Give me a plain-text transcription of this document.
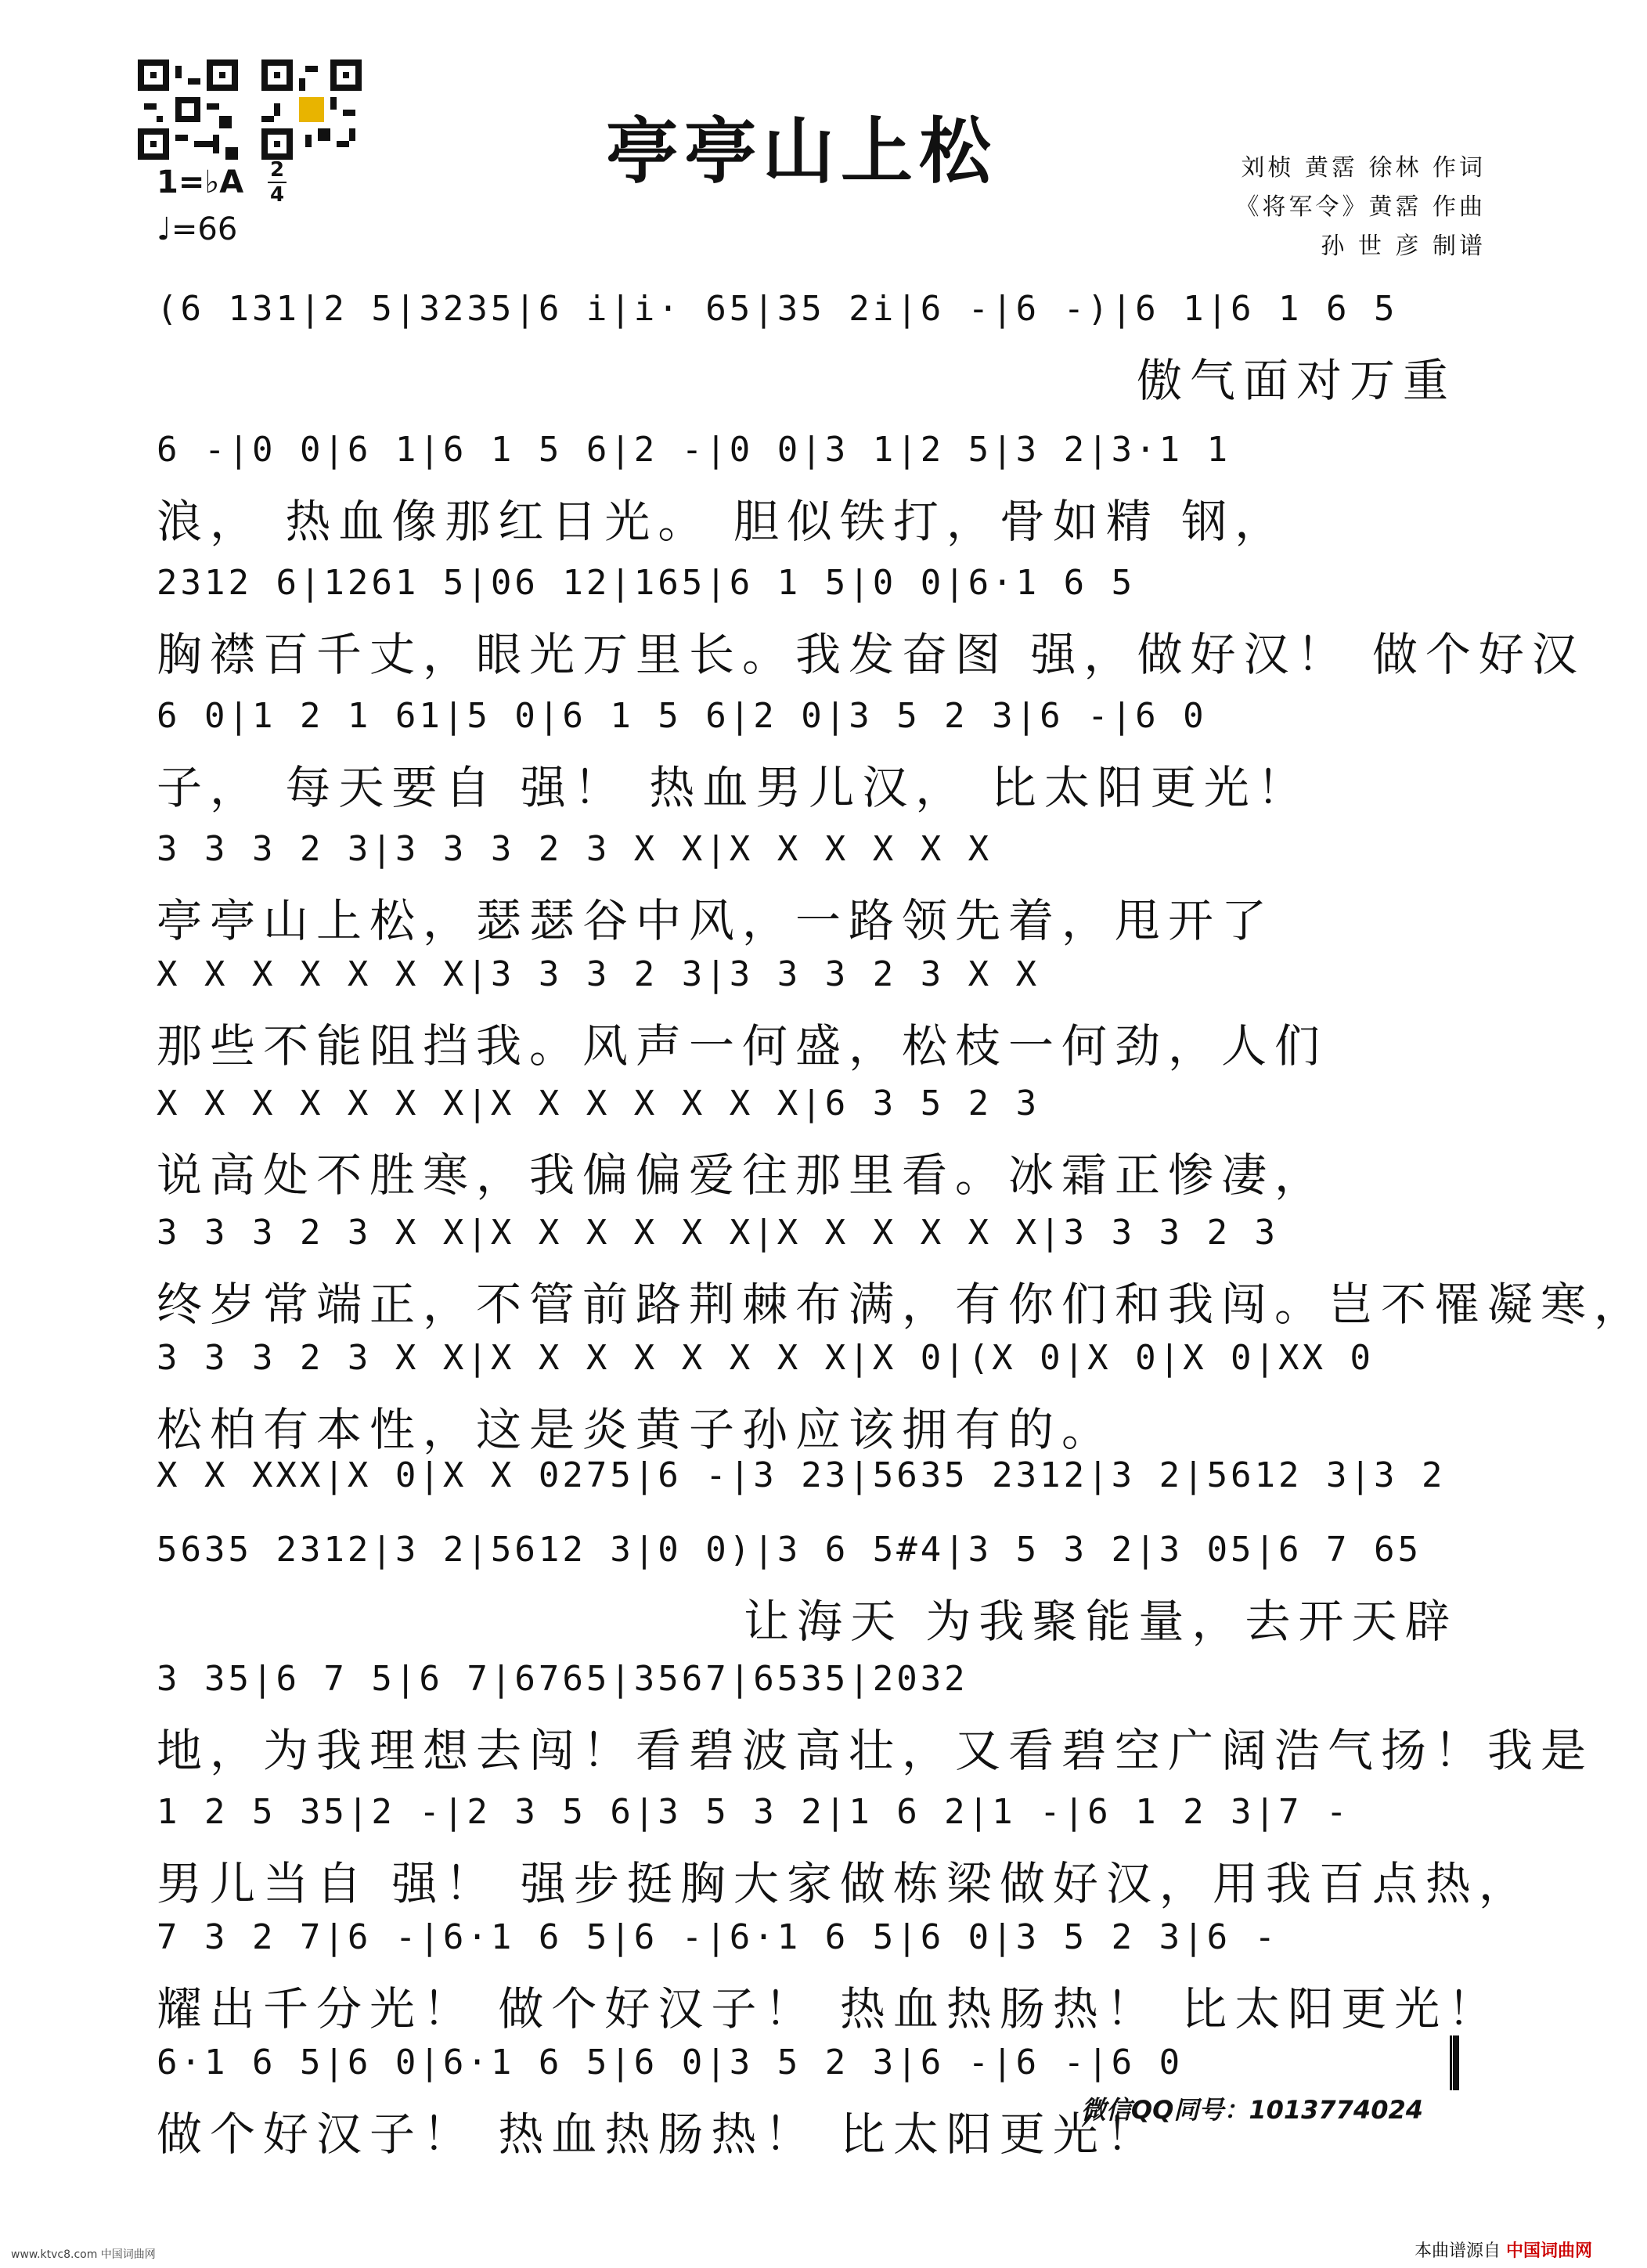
亭亭山上松	刘桢 黄霑 徐林 作词
《将军令》黄霑 作曲
孙 世 彦 制谱
1=♭A 2
4
♩=66
(6 131|2 5|3235|6 i|i· 65|35 2i|6 -|6 -)|6 1|6 1 6 5
傲气面对万重
6 -|0 0|6 1|6 1 5 6|2 -|0 0|3 1|2 5|3 2|3·1 1
浪， 热血像那红日光。 胆似铁打，骨如精 钢，
2312 6|1261 5|06 12|165|6 1 5|0 0|6·1 6 5
胸襟百千丈，眼光万里长。我发奋图 强，做好汉！ 做个好汉
6 0|1 2 1 61|5 0|6 1 5 6|2 0|3 5 2 3|6 -|6 0
子， 每天要自 强！ 热血男儿汉， 比太阳更光！
3 3 3 2 3|3 3 3 2 3 X X|X X X X X X
亭亭山上松，瑟瑟谷中风，一路领先着，甩开了
X X X X X X X|3 3 3 2 3|3 3 3 2 3 X X
那些不能阻挡我。风声一何盛，松枝一何劲，人们
X X X X X X X|X X X X X X X|6 3 5 2 3
说高处不胜寒，我偏偏爱往那里看。冰霜正惨凄，
3 3 3 2 3 X X|X X X X X X|X X X X X X|3 3 3 2 3
终岁常端正，不管前路荆棘布满，有你们和我闯。岂不罹凝寒，
3 3 3 2 3 X X|X X X X X X X X|X 0|(X 0|X 0|X 0|XX 0
松柏有本性，这是炎黄子孙应该拥有的。
X X XXX|X 0|X X 0275|6 -|3 23|5635 2312|3 2|5612 3|3 2
5635 2312|3 2|5612 3|0 0)|3 6 5#4|3 5 3 2|3 05|6 7 65
让海天 为我聚能量，去开天辟
3 35|6 7 5|6 7|6765|3567|6535|2032
地，为我理想去闯！看碧波高壮，又看碧空广阔浩气扬！我是
1 2 5 35|2 -|2 3 5 6|3 5 3 2|1 6 2|1 -|6 1 2 3|7 -
男儿当自 强！ 强步挺胸大家做栋梁做好汉，用我百点热，
7 3 2 7|6 -|6·1 6 5|6 -|6·1 6 5|6 0|3 5 2 3|6 -
耀出千分光！ 做个好汉子！ 热血热肠热！ 比太阳更光！
6·1 6 5|6 0|6·1 6 5|6 0|3 5 2 3|6 -|6 -|6 0
做个好汉子！ 热血热肠热！ 比太阳更光！
微信QQ同号：1013774024
www.ktvc8.com 中国词曲网	本曲谱源自 中国词曲网
